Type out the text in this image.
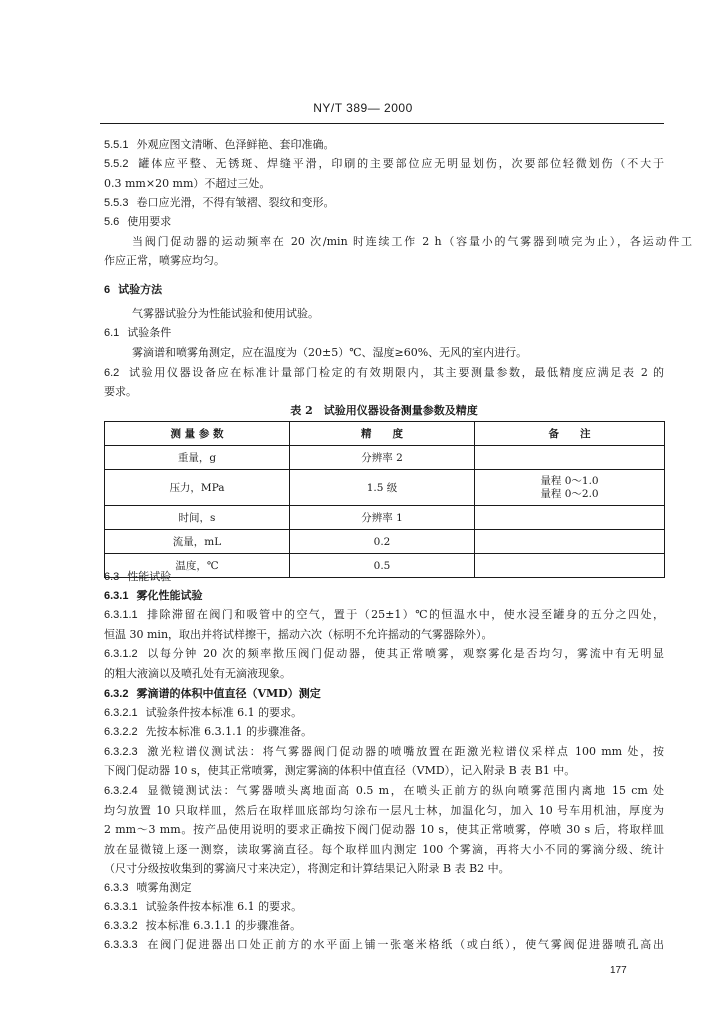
NY/T 389— 2000
5.5.1 外观应图文清晰、色泽鲜艳、套印准确。
5.5.2 罐体应平整、无锈斑、焊缝平滑，印刷的主要部位应无明显划伤，次要部位轻微划伤（不大于
0.3 mm×20 mm）不超过三处。
5.5.3 卷口应光滑，不得有皱褶、裂纹和变形。
5.6 使用要求
当阀门促动器的运动频率在 20 次/min 时连续工作 2 h（容量小的气雾器到喷完为止），各运动件工
作应正常，喷雾应均匀。
6 试验方法
气雾器试验分为性能试验和使用试验。
6.1 试验条件
雾滴谱和喷雾角测定，应在温度为（20±5）℃、湿度≥60%、无风的室内进行。
6.2 试验用仪器设备应在标准计量部门检定的有效期限内，其主要测量参数，最低精度应满足表 2 的
要求。
表 2　试验用仪器设备测量参数及精度
测 量 参 数	精　　度	备　　注
重量，g	分辨率 2	
压力，MPa	1.5 级	量程 0～1.0
量程 0～2.0

时间，s	分辨率 1	
流量，mL	0.2	
温度，℃	0.5	
6.3 性能试验
6.3.1 雾化性能试验
6.3.1.1 排除滞留在阀门和吸管中的空气，置于（25±1）℃的恒温水中，使水浸至罐身的五分之四处，
恒温 30 min，取出并将试样擦干，摇动六次（标明不允许摇动的气雾器除外）。
6.3.1.2 以每分钟 20 次的频率揿压阀门促动器，使其正常喷雾，观察雾化是否均匀，雾流中有无明显
的粗大液滴以及喷孔处有无滴液现象。
6.3.2 雾滴谱的体积中值直径（VMD）测定
6.3.2.1 试验条件按本标准 6.1 的要求。
6.3.2.2 先按本标准 6.3.1.1 的步骤准备。
6.3.2.3 激光粒谱仪测试法：将气雾器阀门促动器的喷嘴放置在距激光粒谱仪采样点 100 mm 处，按
下阀门促动器 10 s，使其正常喷雾，测定雾滴的体积中值直径（VMD），记入附录 B 表 B1 中。
6.3.2.4 显微镜测试法：气雾器喷头离地面高 0.5 m，在喷头正前方的纵向喷雾范围内离地 15 cm 处
均匀放置 10 只取样皿，然后在取样皿底部均匀涂布一层凡士林，加温化匀，加入 10 号车用机油，厚度为
2 mm～3 mm。按产品使用说明的要求正确按下阀门促动器 10 s，使其正常喷雾，停喷 30 s 后，将取样皿
放在显微镜上逐一测察，读取雾滴直径。每个取样皿内测定 100 个雾滴，再将大小不同的雾滴分级、统计
（尺寸分级按收集到的雾滴尺寸来决定），将测定和计算结果记入附录 B 表 B2 中。
6.3.3 喷雾角测定
6.3.3.1 试验条件按本标准 6.1 的要求。
6.3.3.2 按本标准 6.3.1.1 的步骤准备。
6.3.3.3 在阀门促进器出口处正前方的水平面上铺一张毫米格纸（或白纸），使气雾阀促进器喷孔高出
177
